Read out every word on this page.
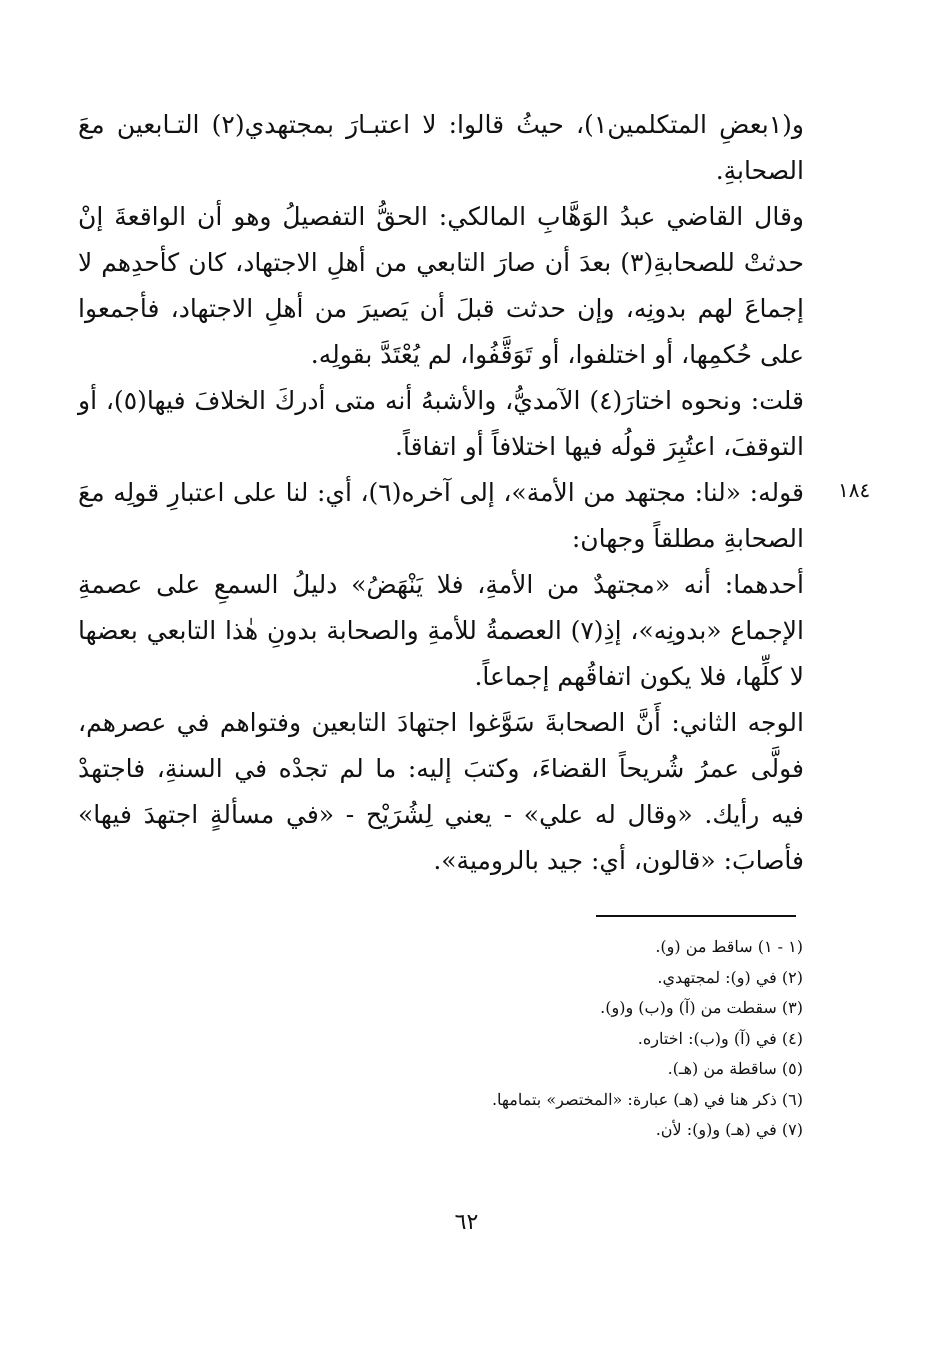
و(١بعضِ المتكلمين١)، حيثُ قالوا: لا اعتبـارَ بمجتهدي(٢) التـابعين معَ الصحابةِ.

وقال القاضي عبدُ الوَهَّابِ المالكي: الحقُّ التفصيلُ وهو أن الواقعةَ إنْ حدثتْ للصحابةِ(٣) بعدَ أن صارَ التابعي من أهلِ الاجتهاد، كان كأحدِهم لا إجماعَ لهم بدونِه، وإن حدثت قبلَ أن يَصيرَ من أهلِ الاجتهاد، فأجمعوا على حُكمِها، أو اختلفوا، أو تَوَقَّفُوا، لم يُعْتَدَّ بقولِه.

قلت: ونحوه اختارَ(٤) الآمديُّ، والأشبهُ أنه متى أدركَ الخلافَ فيها(٥)، أو التوقفَ، اعتُبِرَ قولُه فيها اختلافاً أو اتفاقاً.

قوله: «لنا: مجتهد من الأمة»، إلى آخره(٦)، أي: لنا على اعتبارِ قولِه معَ الصحابةِ مطلقاً وجهان:

أحدهما: أنه «مجتهدٌ من الأمةِ، فلا يَنْهَضُ» دليلُ السمعِ على عصمةِ الإجماع «بدونِه»، إذِ(٧) العصمةُ للأمةِ والصحابة بدونِ هٰذا التابعي بعضها لا كلِّها، فلا يكون اتفاقُهم إجماعاً.

الوجه الثاني: أَنَّ الصحابةَ سَوَّغوا اجتهادَ التابعين وفتواهم في عصرهم، فولَّى عمرُ شُريحاً القضاءَ، وكتبَ إليه: ما لم تجدْه في السنةِ، فاجتهدْ فيه رأيك. «وقال له علي» - يعني لِشُرَيْح - «في مسألةٍ اجتهدَ فيها» فأصابَ: «قالون، أي: جيد بالرومية».

١٨٤

(١ - ١) ساقط من (و).

(٢) في (و): لمجتهدي.

(٣) سقطت من (آ) و(ب) و(و).

(٤) في (آ) و(ب): اختاره.

(٥) ساقطة من (هـ).

(٦) ذكر هنا في (هـ) عبارة: «المختصر» بتمامها.

(٧) في (هـ) و(و): لأن.

٦٢
